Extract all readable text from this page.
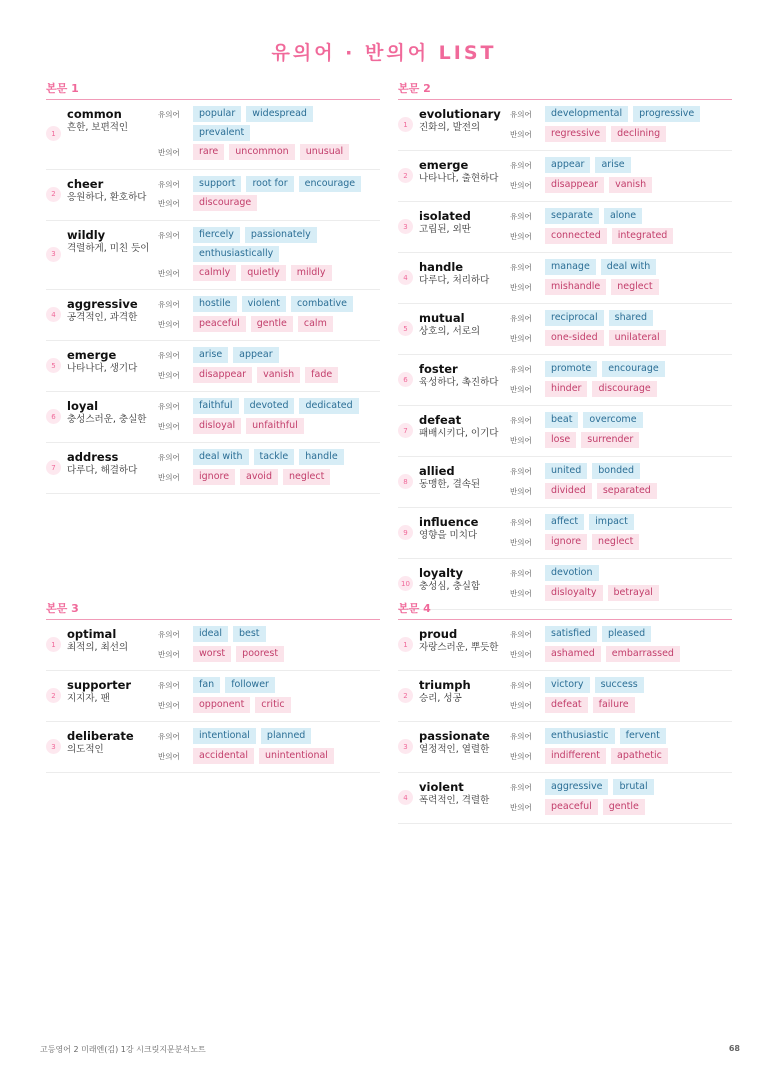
유의어 · 반의어 LIST
본문 1
1
common
흔한, 보편적인
유의어	popular	widespread
prevalent
반의어	rare	uncommon	unusual
2
cheer
응원하다, 환호하다
유의어	support	root for	encourage
반의어	discourage
3
wildly
격렬하게, 미친 듯이
유의어	fiercely	passionately
enthusiastically
반의어	calmly	quietly	mildly
4
aggressive
공격적인, 과격한
유의어	hostile	violent	combative
반의어	peaceful	gentle	calm
5
emerge
나타나다, 생기다
유의어	arise	appear
반의어	disappear	vanish	fade
6
loyal
충성스러운, 충실한
유의어	faithful	devoted	dedicated
반의어	disloyal	unfaithful
7
address
다루다, 해결하다
유의어	deal with	tackle	handle
반의어	ignore	avoid	neglect
본문 2
1
evolutionary
진화의, 발전의
유의어	developmental	progressive
반의어	regressive	declining
2
emerge
나타나다, 출현하다
유의어	appear	arise
반의어	disappear	vanish
3
isolated
고립된, 외딴
유의어	separate	alone
반의어	connected	integrated
4
handle
다루다, 처리하다
유의어	manage	deal with
반의어	mishandle	neglect
5
mutual
상호의, 서로의
유의어	reciprocal	shared
반의어	one-sided	unilateral
6
foster
육성하다, 촉진하다
유의어	promote	encourage
반의어	hinder	discourage
7
defeat
패배시키다, 이기다
유의어	beat	overcome
반의어	lose	surrender
8
allied
동맹한, 결속된
유의어	united	bonded
반의어	divided	separated
9
influence
영향을 미치다
유의어	affect	impact
반의어	ignore	neglect
10
loyalty
충성심, 충실함
유의어	devotion
반의어	disloyalty	betrayal
본문 3
1
optimal
최적의, 최선의
유의어	ideal	best
반의어	worst	poorest
2
supporter
지지자, 팬
유의어	fan	follower
반의어	opponent	critic
3
deliberate
의도적인
유의어	intentional	planned
반의어	accidental	unintentional
본문 4
1
proud
자랑스러운, 뿌듯한
유의어	satisfied	pleased
반의어	ashamed	embarrassed
2
triumph
승리, 성공
유의어	victory	success
반의어	defeat	failure
3
passionate
열정적인, 열렬한
유의어	enthusiastic	fervent
반의어	indifferent	apathetic
4
violent
폭력적인, 격렬한
유의어	aggressive	brutal
반의어	peaceful	gentle
고등영어 2 미래엔(김) 1강 시크릿지문분석노트	68
